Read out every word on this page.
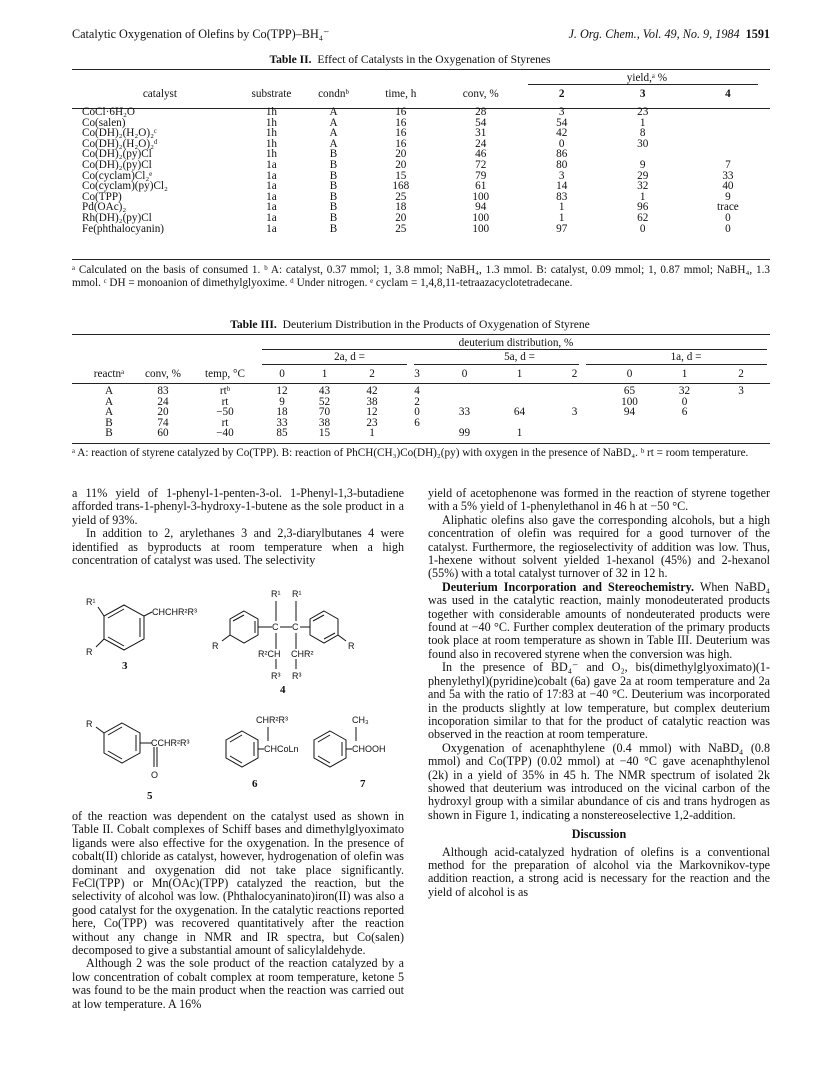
Catalytic Oxygenation of Olefins by Co(TPP)–BH₄⁻	J. Org. Chem., Vol. 49, No. 9, 1984 1591
Table II. Effect of Catalysts in the Oxygenation of Styrenes
					yield,ᵃ %		
catalyst	substrate	condnᵇ	time, h	conv, %	2	3	4

CoCl·6H₂O	1h	A	16	28	3	23	
Co(salen)	1h	A	16	54	54	1	
Co(DH)₂(H₂O)₂ᶜ	1h	A	16	31	42	8	
Co(DH)₂(H₂O)₂ᵈ	1h	A	16	24	0	30	
Co(DH)₂(py)Cl	1h	B	20	46	86		
Co(DH)₂(py)Cl	1a	B	20	72	80	9	7
Co(cyclam)Cl₂ᵉ	1a	B	15	79	3	29	33
Co(cyclam)(py)Cl₂	1a	B	168	61	14	32	40
Co(TPP)	1a	B	25	100	83	1	9
Pd(OAc)₂	1a	B	18	94	1	96	trace
Rh(DH)₂(py)Cl	1a	B	20	100	1	62	0
Fe(phthalocyanin)	1a	B	25	100	97	0	0
ᵃ Calculated on the basis of consumed 1. ᵇ A: catalyst, 0.37 mmol; 1, 3.8 mmol; NaBH₄, 1.3 mmol. B: catalyst, 0.09 mmol; 1, 0.87 mmol; NaBH₄, 1.3 mmol. ᶜ DH = monoanion of dimethylglyoxime. ᵈ Under nitrogen. ᵉ cyclam = 1,4,8,11-tetraazacyclotetradecane.
Table III. Deuterium Distribution in the Products of Oxygenation of Styrene
			deuterium distribution, %									
			2a, d =				5a, d =			1a, d =		
reactnᵃ	conv, %	temp, °C	0	1	2	3	0	1	2	0	1	2

A	83	rtᵇ	12	43	42	4				65	32	3
A	24	rt	9	52	38	2				100	0	
A	20	−50	18	70	12	0	33	64	3	94	6	
B	74	rt	33	38	23	6						
B	60	−40	85	15	1		99	1				
ᵃ A: reaction of styrene catalyzed by Co(TPP). B: reaction of PhCH(CH₃)Co(DH)₂(py) with oxygen in the presence of NaBD₄. ᵇ rt = room temperature.

a 11% yield of 1-phenyl-1-penten-3-ol. 1-Phenyl-1,3-butadiene afforded trans-1-phenyl-3-hydroxy-1-butene as the sole product in a yield of 93%.

In addition to 2, arylethanes 3 and 2,3-diarylbutanes 4 were identified as byproducts at room temperature when a high concentration of catalyst was used. The selectivity

R¹
CHCHR²R³
R
3
R¹ R¹
C C
R	R
R²CH CHR²
R³ R³
4
R
CCHR²R³
O
5
CHR²R³
CHCoLn
6
CH₃
CHOOH
7

of the reaction was dependent on the catalyst used as shown in Table II. Cobalt complexes of Schiff bases and dimethylglyoximato ligands were also effective for the oxygenation. In the presence of cobalt(II) chloride as catalyst, however, hydrogenation of olefin was dominant and oxygenation did not take place significantly. FeCl(TPP) or Mn(OAc)(TPP) catalyzed the reaction, but the selectivity of alcohol was low. (Phthalocyaninato)iron(II) was also a good catalyst for the oxygenation. In the catalytic reactions reported here, Co(TPP) was recovered quantitatively after the reaction without any change in NMR and IR spectra, but Co(salen) decomposed to give a substantial amount of salicylaldehyde.

Although 2 was the sole product of the reaction catalyzed by a low concentration of cobalt complex at room temperature, ketone 5 was found to be the main product when the reaction was carried out at low temperature. A 16%

yield of acetophenone was formed in the reaction of styrene together with a 5% yield of 1-phenylethanol in 46 h at −50 °C.

Aliphatic olefins also gave the corresponding alcohols, but a high concentration of olefin was required for a good turnover of the catalyst. Furthermore, the regioselectivity of addition was low. Thus, 1-hexene without solvent yielded 1-hexanol (45%) and 2-hexanol (55%) with a total catalyst turnover of 32 in 12 h.

Deuterium Incorporation and Stereochemistry. When NaBD₄ was used in the catalytic reaction, mainly monodeuterated products together with considerable amounts of nondeuterated products were found at −40 °C. Further complex deuteration of the primary products took place at room temperature as shown in Table III. Deuterium was found also in recovered styrene when the conversion was high.

In the presence of BD₄⁻ and O₂, bis(dimethylglyoximato)(1-phenylethyl)(pyridine)cobalt (6a) gave 2a at room temperature and 2a and 5a with the ratio of 17:83 at −40 °C. Deuterium was incorporated in the products slightly at low temperature, but complex deuterium incoporation similar to that for the product of catalytic reaction was observed in the reaction at room temperature.

Oxygenation of acenaphthylene (0.4 mmol) with NaBD₄ (0.8 mmol) and Co(TPP) (0.02 mmol) at −40 °C gave acenaphthylenol (2k) in a yield of 35% in 45 h. The NMR spectrum of isolated 2k showed that deuterium was introduced on the vicinal carbon of the hydroxyl group with a similar abundance of cis and trans hydrogen as shown in Figure 1, indicating a nonstereoselective 1,2-addition.

Discussion

Although acid-catalyzed hydration of olefins is a conventional method for the preparation of alcohol via the Markovnikov-type addition reaction, a strong acid is necessary for the reaction and the yield of alcohol is as
